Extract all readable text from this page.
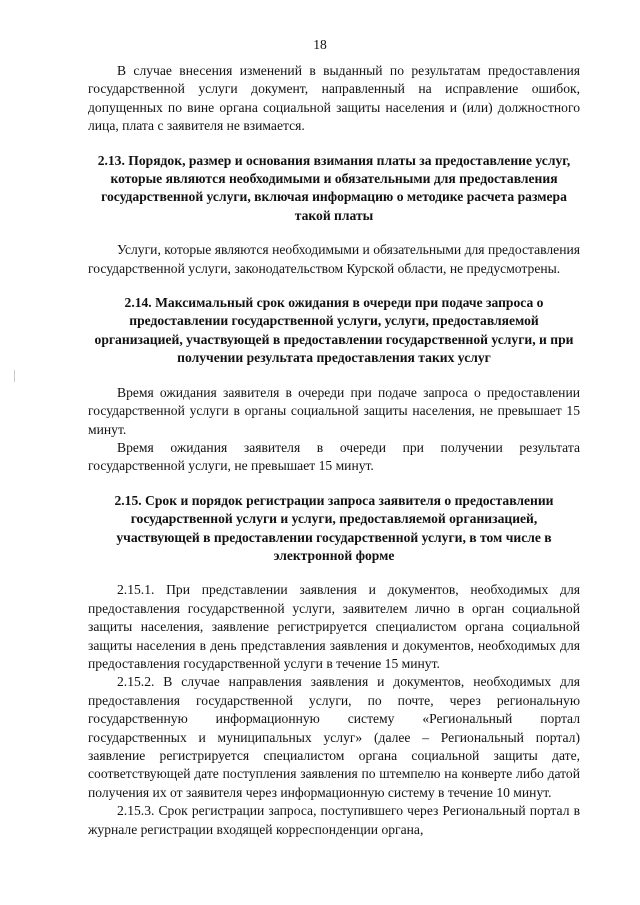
18

В случае внесения изменений в выданный по результатам предоставления государственной услуги документ, направленный на исправление ошибок, допущенных по вине органа социальной защиты населения и (или) должностного лица, плата с заявителя не взимается.

2.13. Порядок, размер и основания взимания платы за предоставление услуг, которые являются необходимыми и обязательными для предоставления государственной услуги, включая информацию о методике расчета размера такой платы

Услуги, которые являются необходимыми и обязательными для предоставления государственной услуги, законодательством Курской области, не предусмотрены.

2.14. Максимальный срок ожидания в очереди при подаче запроса о предоставлении государственной услуги, услуги, предоставляемой организацией, участвующей в предоставлении государственной услуги, и при получении результата предоставления таких услуг

Время ожидания заявителя в очереди при подаче запроса о предоставлении государственной услуги в органы социальной защиты населения, не превышает 15 минут.

Время ожидания заявителя в очереди при получении результата государственной услуги, не превышает 15 минут.

2.15. Срок и порядок регистрации запроса заявителя о предоставлении государственной услуги и услуги, предоставляемой организацией, участвующей в предоставлении государственной услуги, в том числе в электронной форме

2.15.1. При представлении заявления и документов, необходимых для предоставления государственной услуги, заявителем лично в орган социальной защиты населения, заявление регистрируется специалистом органа социальной защиты населения в день представления заявления и документов, необходимых для предоставления государственной услуги в течение 15 минут.

2.15.2. В случае направления заявления и документов, необходимых для предоставления государственной услуги, по почте, через региональную государственную информационную систему «Региональный портал государственных и муниципальных услуг» (далее – Региональный портал) заявление регистрируется специалистом органа социальной защиты дате, соответствующей дате поступления заявления по штемпелю на конверте либо датой получения их от заявителя через информационную систему в течение 10 минут.

2.15.3. Срок регистрации запроса, поступившего через Региональный портал в журнале регистрации входящей корреспонденции органа,
